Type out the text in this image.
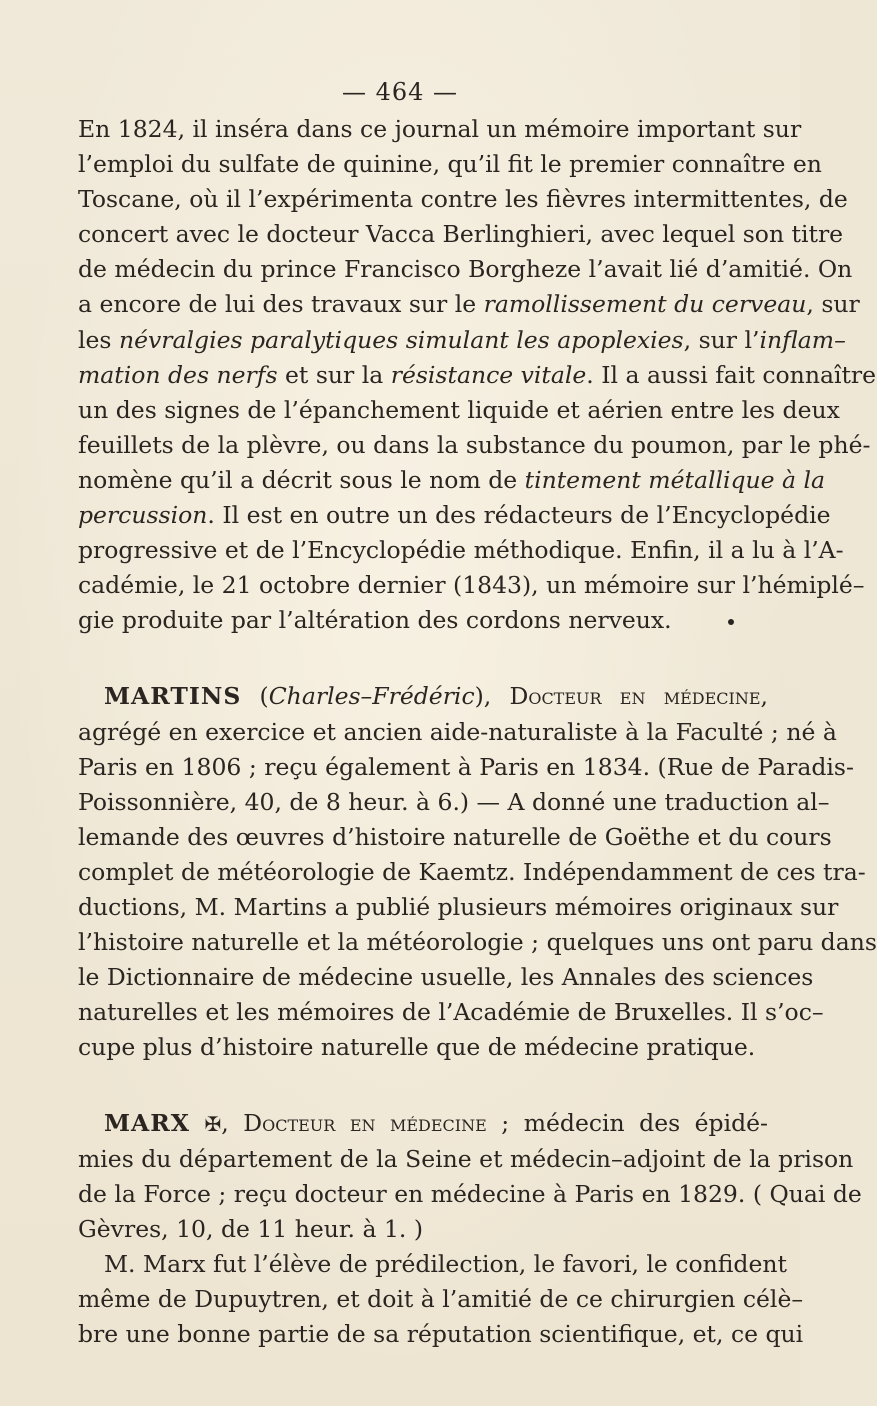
— 464 —
En 1824, il inséra dans ce journal un mémoire important sur
l’emploi du sulfate de quinine, qu’il fit le premier connaître en
Toscane, où il l’expérimenta contre les fièvres intermittentes, de
concert avec le docteur Vacca Berlinghieri, avec lequel son titre
de médecin du prince Francisco Borgheze l’avait lié d’amitié. On
a encore de lui des travaux sur le ramollissement du cerveau, sur
les névralgies paralytiques simulant les apoplexies, sur l’inflam–
mation des nerfs et sur la résistance vitale. Il a aussi fait connaître
un des signes de l’épanchement liquide et aérien entre les deux
feuillets de la plèvre, ou dans la substance du poumon, par le phé-
nomène qu’il a décrit sous le nom de tintement métallique à la
percussion. Il est en outre un des rédacteurs de l’Encyclopédie
progressive et de l’Encyclopédie méthodique. Enfin, il a lu à l’A-
cadémie, le 21 octobre dernier (1843), un mémoire sur l’hémiplé–
gie produite par l’altération des cordons nerveux.
MARTINS (Charles–Frédéric), Docteur en médecine,
agrégé en exercice et ancien aide-naturaliste à la Faculté ; né à
Paris en 1806 ; reçu également à Paris en 1834. (Rue de Paradis-
Poissonnière, 40, de 8 heur. à 6.) — A donné une traduction al–
lemande des œuvres d’histoire naturelle de Goëthe et du cours
complet de météorologie de Kaemtz. Indépendamment de ces tra-
ductions, M. Martins a publié plusieurs mémoires originaux sur
l’histoire naturelle et la météorologie ; quelques uns ont paru dans
le Dictionnaire de médecine usuelle, les Annales des sciences
naturelles et les mémoires de l’Académie de Bruxelles. Il s’oc–
cupe plus d’histoire naturelle que de médecine pratique.
MARX ✠, Docteur en médecine ; médecin des épidé-
mies du département de la Seine et médecin–adjoint de la prison
de la Force ; reçu docteur en médecine à Paris en 1829. ( Quai de
Gèvres, 10, de 11 heur. à 1. )
M. Marx fut l’élève de prédilection, le favori, le confident
même de Dupuytren, et doit à l’amitié de ce chirurgien célè–
bre une bonne partie de sa réputation scientifique, et, ce qui
